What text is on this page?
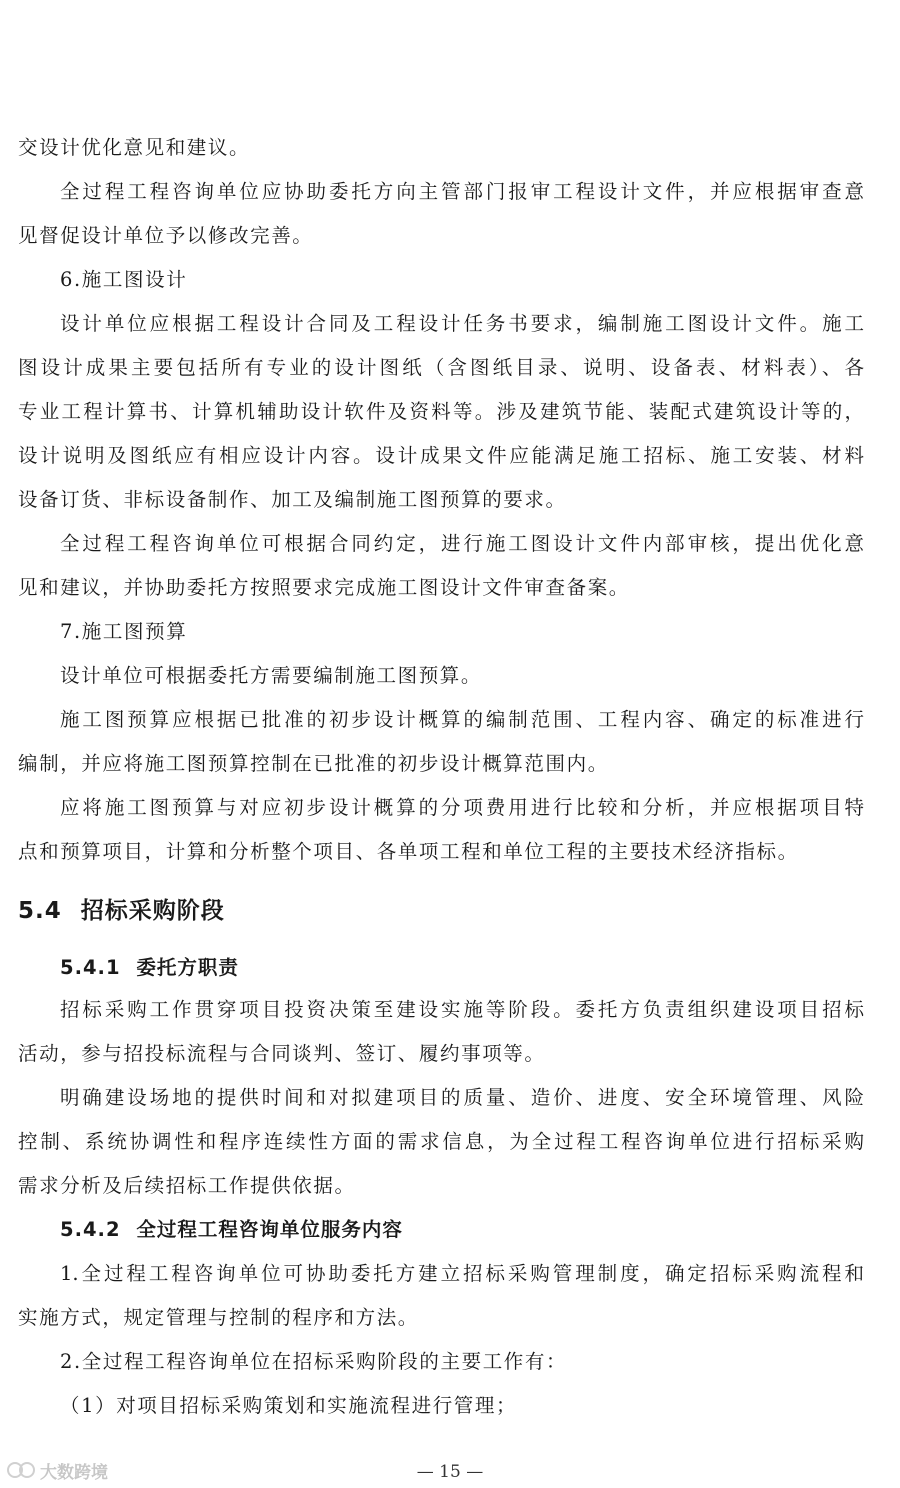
交设计优化意见和建议。
全过程工程咨询单位应协助委托方向主管部门报审工程设计文件，并应根据审查意
见督促设计单位予以修改完善。
6.施工图设计
设计单位应根据工程设计合同及工程设计任务书要求，编制施工图设计文件。施工
图设计成果主要包括所有专业的设计图纸（含图纸目录、说明、设备表、材料表）、各
专业工程计算书、计算机辅助设计软件及资料等。涉及建筑节能、装配式建筑设计等的，
设计说明及图纸应有相应设计内容。设计成果文件应能满足施工招标、施工安装、材料
设备订货、非标设备制作、加工及编制施工图预算的要求。
全过程工程咨询单位可根据合同约定，进行施工图设计文件内部审核，提出优化意
见和建议，并协助委托方按照要求完成施工图设计文件审查备案。
7.施工图预算
设计单位可根据委托方需要编制施工图预算。
施工图预算应根据已批准的初步设计概算的编制范围、工程内容、确定的标准进行
编制，并应将施工图预算控制在已批准的初步设计概算范围内。
应将施工图预算与对应初步设计概算的分项费用进行比较和分析，并应根据项目特
点和预算项目，计算和分析整个项目、各单项工程和单位工程的主要技术经济指标。
5.4 招标采购阶段
5.4.1 委托方职责
招标采购工作贯穿项目投资决策至建设实施等阶段。委托方负责组织建设项目招标
活动，参与招投标流程与合同谈判、签订、履约事项等。
明确建设场地的提供时间和对拟建项目的质量、造价、进度、安全环境管理、风险
控制、系统协调性和程序连续性方面的需求信息，为全过程工程咨询单位进行招标采购
需求分析及后续招标工作提供依据。
5.4.2 全过程工程咨询单位服务内容
1.全过程工程咨询单位可协助委托方建立招标采购管理制度，确定招标采购流程和
实施方式，规定管理与控制的程序和方法。
2.全过程工程咨询单位在招标采购阶段的主要工作有：
（1）对项目招标采购策划和实施流程进行管理；
大数跨境	— 15 —
